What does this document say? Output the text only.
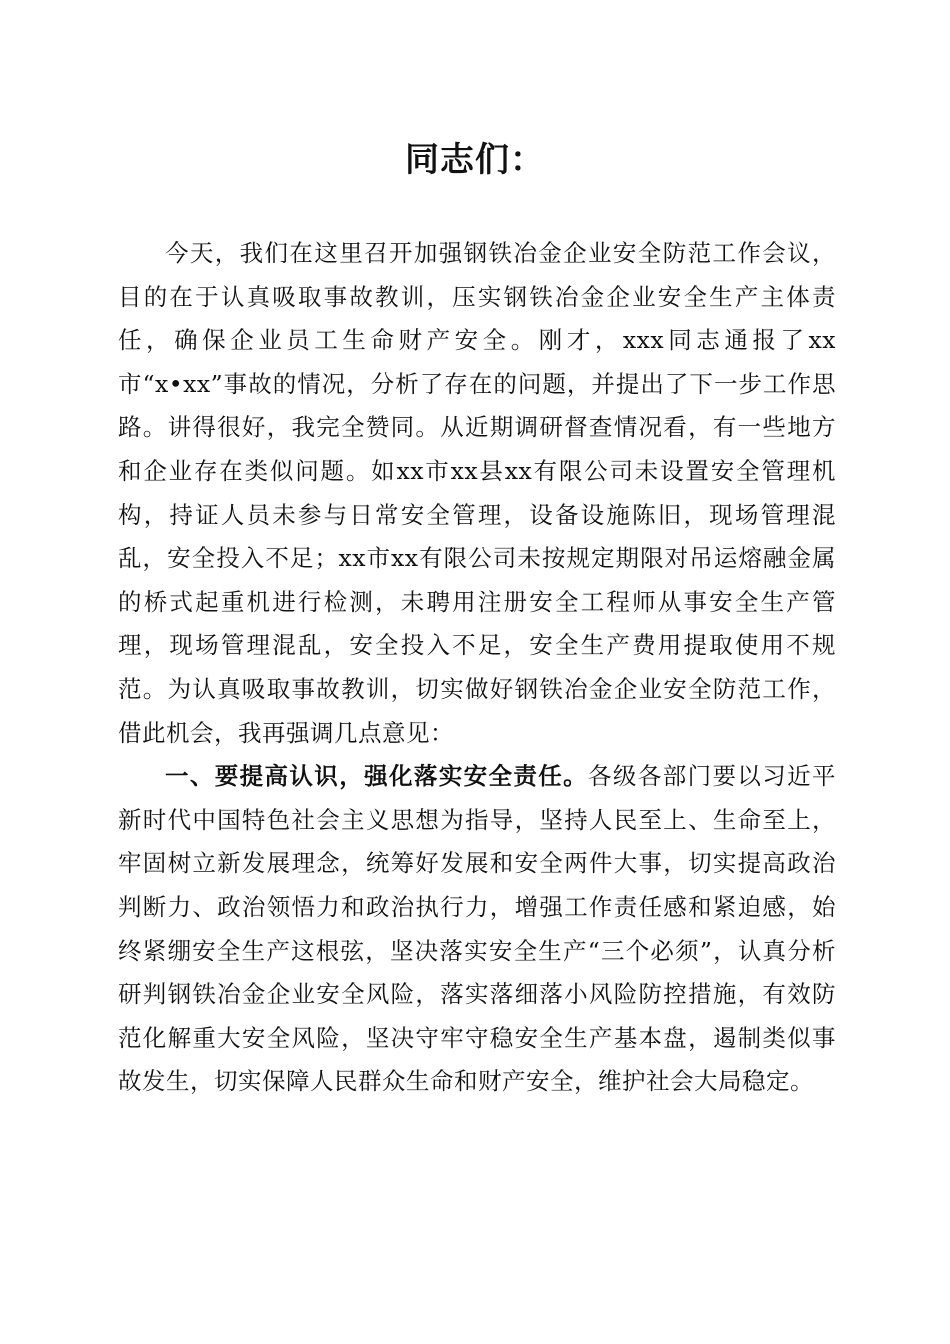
同志们：

今天，我们在这里召开加强钢铁冶金企业安全防范工作会议，目的在于认真吸取事故教训，压实钢铁冶金企业安全生产主体责任，确保企业员工生命财产安全。刚才，xxx同志通报了xx市“x•xx”事故的情况，分析了存在的问题，并提出了下一步工作思路。讲得很好，我完全赞同。从近期调研督查情况看，有一些地方和企业存在类似问题。如xx市xx县xx有限公司未设置安全管理机构，持证人员未参与日常安全管理，设备设施陈旧，现场管理混乱，安全投入不足；xx市xx有限公司未按规定期限对吊运熔融金属的桥式起重机进行检测，未聘用注册安全工程师从事安全生产管理，现场管理混乱，安全投入不足，安全生产费用提取使用不规范。为认真吸取事故教训，切实做好钢铁冶金企业安全防范工作，借此机会，我再强调几点意见：

一、要提高认识，强化落实安全责任。各级各部门要以习近平新时代中国特色社会主义思想为指导，坚持人民至上、生命至上，牢固树立新发展理念，统筹好发展和安全两件大事，切实提高政治判断力、政治领悟力和政治执行力，增强工作责任感和紧迫感，始终紧绷安全生产这根弦，坚决落实安全生产“三个必须”，认真分析研判钢铁冶金企业安全风险，落实落细落小风险防控措施，有效防范化解重大安全风险，坚决守牢守稳安全生产基本盘，遏制类似事故发生，切实保障人民群众生命和财产安全，维护社会大局稳定。
